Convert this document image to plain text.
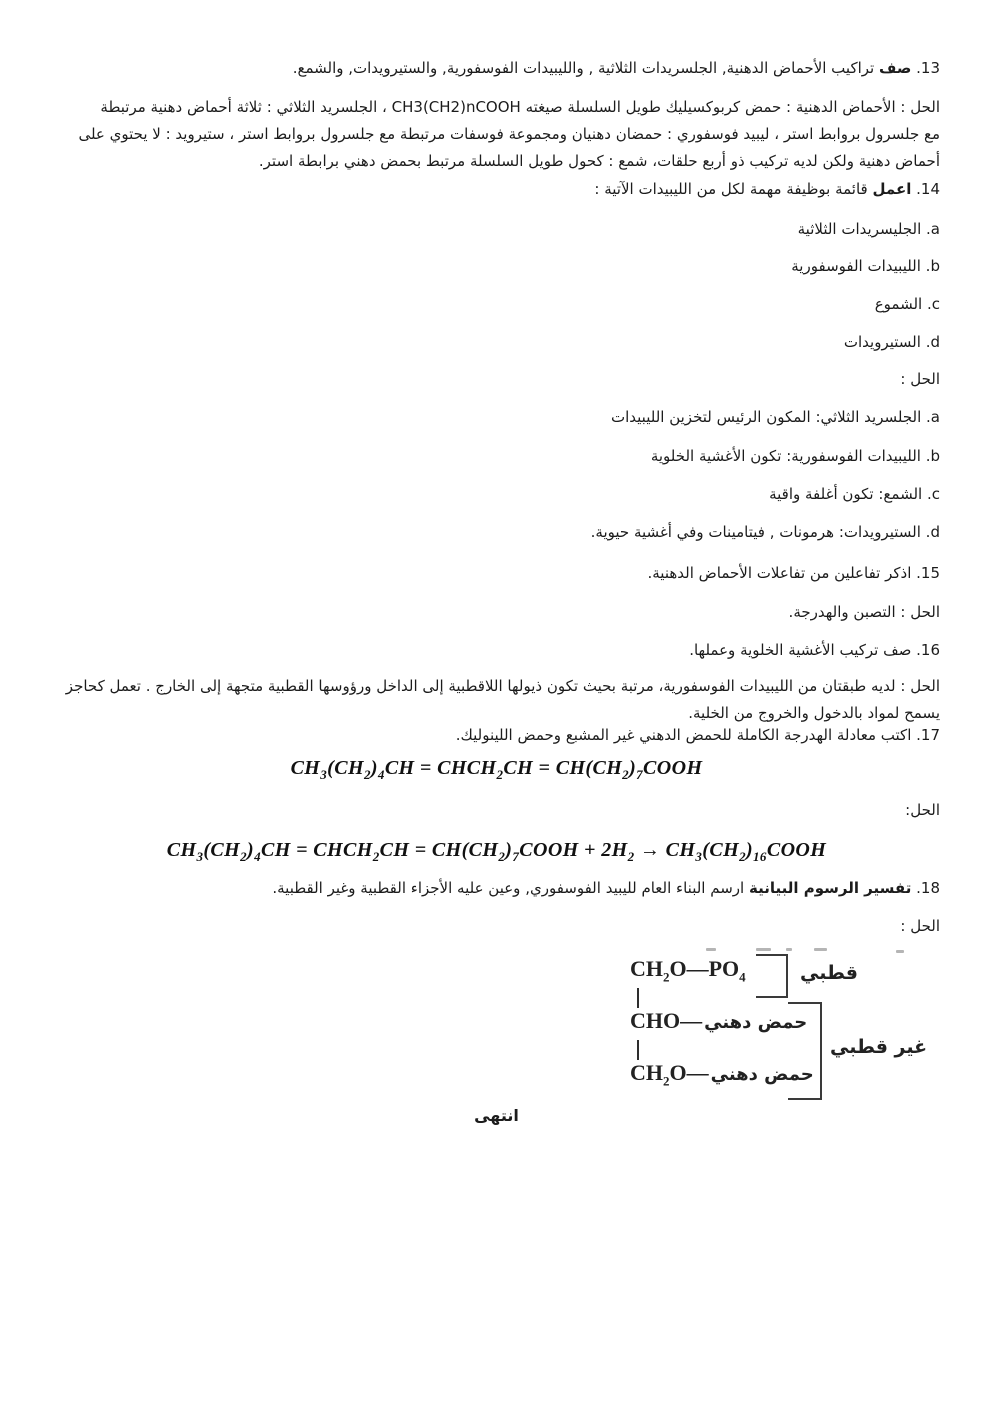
13. صف تراكيب الأحماض الدهنية, الجلسريدات الثلاثية , والليبيدات الفوسفورية, والستيرويدات, والشمع.
الحل : الأحماض الدهنية : حمض كربوكسيليك طويل السلسلة صيغته CH3(CH2)nCOOH ، الجلسريد الثلاثي : ثلاثة أحماض دهنية مرتبطة
مع جلسرول بروابط استر ، ليبيد فوسفوري : حمضان دهنيان ومجموعة فوسفات مرتبطة مع جلسرول بروابط استر ، ستيرويد : لا يحتوي على
أحماض دهنية ولكن لديه تركيب ذو أربع حلقات، شمع : كحول طويل السلسلة مرتبط بحمض دهني برابطة استر.
14. اعمل قائمة بوظيفة مهمة لكل من الليبيدات الآتية :
a. الجليسريدات الثلاثية
b. الليبيدات الفوسفورية
c. الشموع
d. الستيرويدات
الحل :
a. الجلسريد الثلاثي: المكون الرئيس لتخزين الليبيدات
b. الليبيدات الفوسفورية: تكون الأغشية الخلوية
c. الشمع: تكون أغلفة واقية
d. الستيرويدات: هرمونات , فيتامينات وفي أغشية حيوية.
15. اذكر تفاعلين من تفاعلات الأحماض الدهنية.
الحل : التصبن والهدرجة.
16. صف تركيب الأغشية الخلوية وعملها.
الحل : لديه طبقتان من الليبيدات الفوسفورية، مرتبة بحيث تكون ذيولها اللاقطبية إلى الداخل ورؤوسها القطبية متجهة إلى الخارج . تعمل كحاجز
يسمح لمواد بالدخول والخروج من الخلية.
17. اكتب معادلة الهدرجة الكاملة للحمض الدهني غير المشبع وحمض اللينوليك.
$CH_3(CH_2)_4CH$ = $CHCH_2CH$ = $CH(CH_2)_7COOH$
الحل:
$CH_3(CH_2)_4CH$ = $CHCH_2CH$ = $CH(CH_2)_7COOH + 2H_2$ → $CH_3(CH_2)_{16}COOH$
18. تفسير الرسوم البيانية ارسم البناء العام لليبيد الفوسفوري, وعين عليه الأجزاء القطبية وغير القطبية.
الحل :
$CH_2O—PO_4$	قطبي
CHO— حمض دهني
$CH_2O—$ حمض دهني
غير قطبي
انتهى
